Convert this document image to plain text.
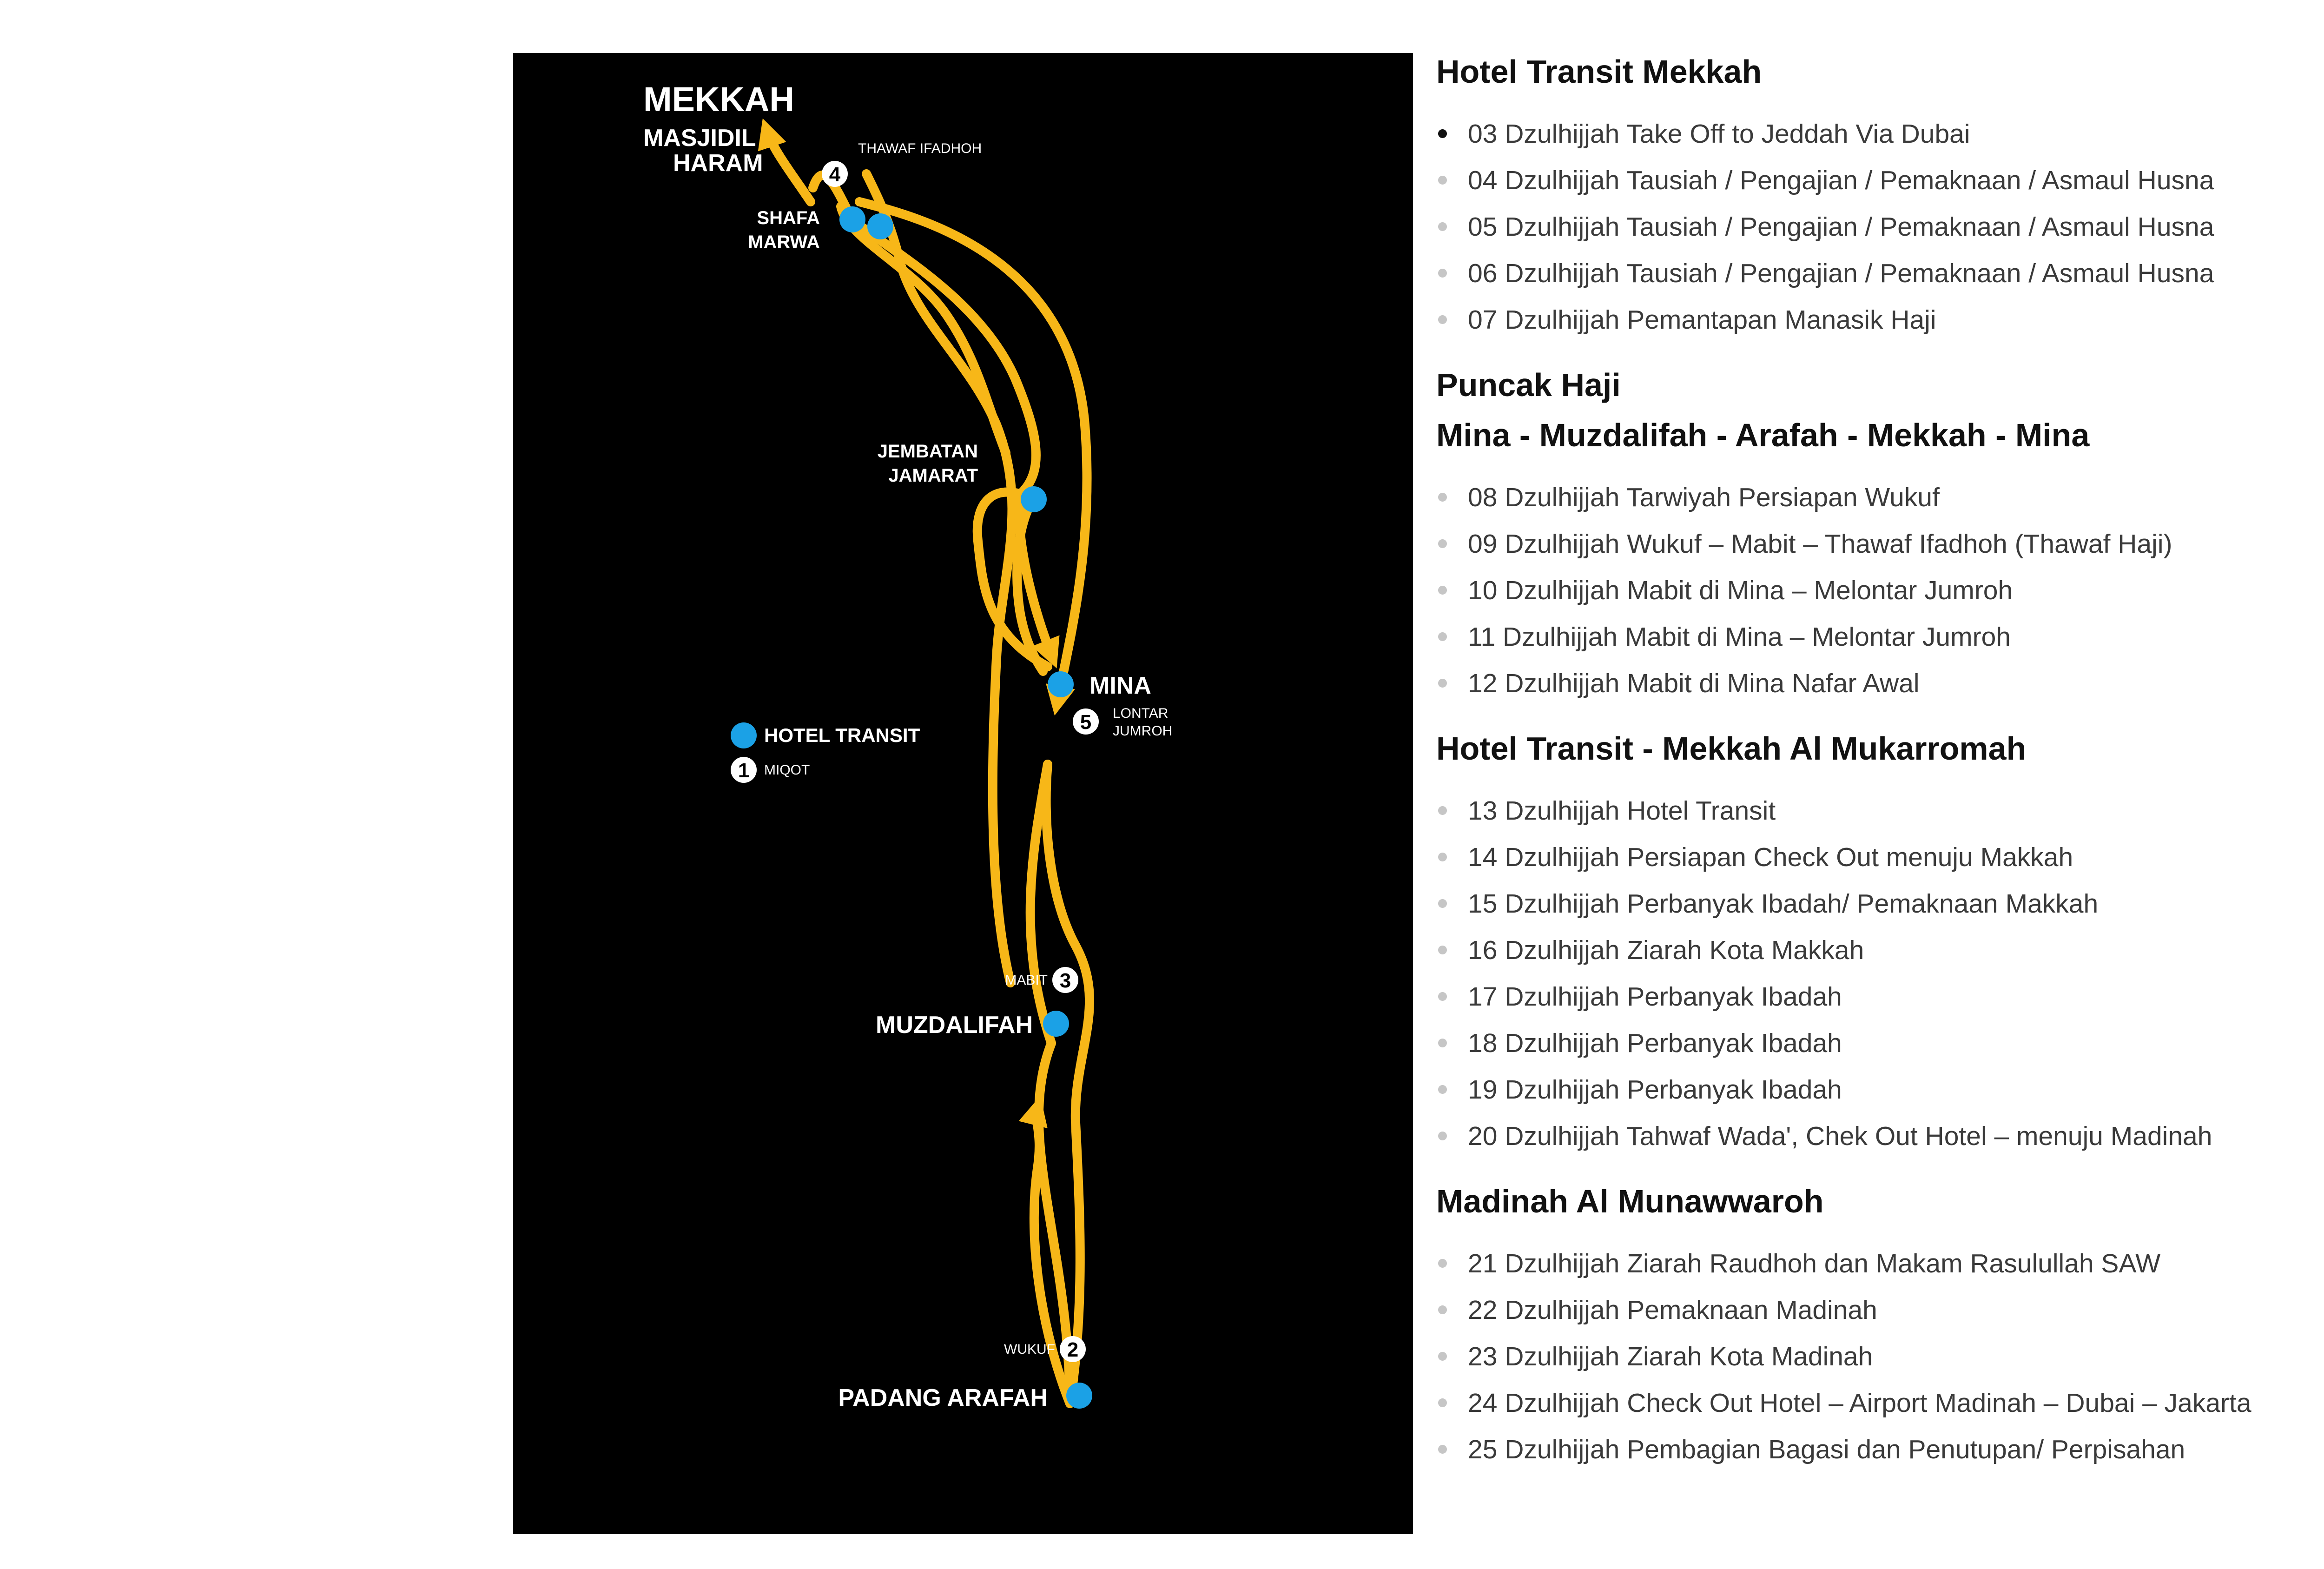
1
2
3
4
5
MEKKAH
MASJIDIL
HARAM
SHAFA
MARWA
JEMBATAN
JAMARAT
MINA
MUZDALIFAH
PADANG ARAFAH
THAWAF IFADHOH
LONTAR
JUMROH
MABIT
WUKUF
HOTEL TRANSIT
MIQOT
Hotel Transit Mekkah
03 Dzulhijjah Take Off to Jeddah Via Dubai
04 Dzulhijjah Tausiah / Pengajian / Pemaknaan / Asmaul Husna
05 Dzulhijjah Tausiah / Pengajian / Pemaknaan / Asmaul Husna
06 Dzulhijjah Tausiah / Pengajian / Pemaknaan / Asmaul Husna
07 Dzulhijjah Pemantapan Manasik Haji
Puncak Haji
Mina - Muzdalifah - Arafah - Mekkah - Mina
08 Dzulhijjah Tarwiyah Persiapan Wukuf
09 Dzulhijjah Wukuf – Mabit – Thawaf Ifadhoh (Thawaf Haji)
10 Dzulhijjah Mabit di Mina – Melontar Jumroh
11 Dzulhijjah Mabit di Mina – Melontar Jumroh
12 Dzulhijjah Mabit di Mina Nafar Awal
Hotel Transit - Mekkah Al Mukarromah
13 Dzulhijjah Hotel Transit
14 Dzulhijjah Persiapan Check Out menuju Makkah
15 Dzulhijjah Perbanyak Ibadah/ Pemaknaan Makkah
16 Dzulhijjah Ziarah Kota Makkah
17 Dzulhijjah Perbanyak Ibadah
18 Dzulhijjah Perbanyak Ibadah
19 Dzulhijjah Perbanyak Ibadah
20 Dzulhijjah Tahwaf Wada', Chek Out Hotel – menuju Madinah
Madinah Al Munawwaroh
21 Dzulhijjah Ziarah Raudhoh dan Makam Rasulullah SAW
22 Dzulhijjah Pemaknaan Madinah
23 Dzulhijjah Ziarah Kota Madinah
24 Dzulhijjah Check Out Hotel – Airport Madinah – Dubai – Jakarta
25 Dzulhijjah Pembagian Bagasi dan Penutupan/ Perpisahan
